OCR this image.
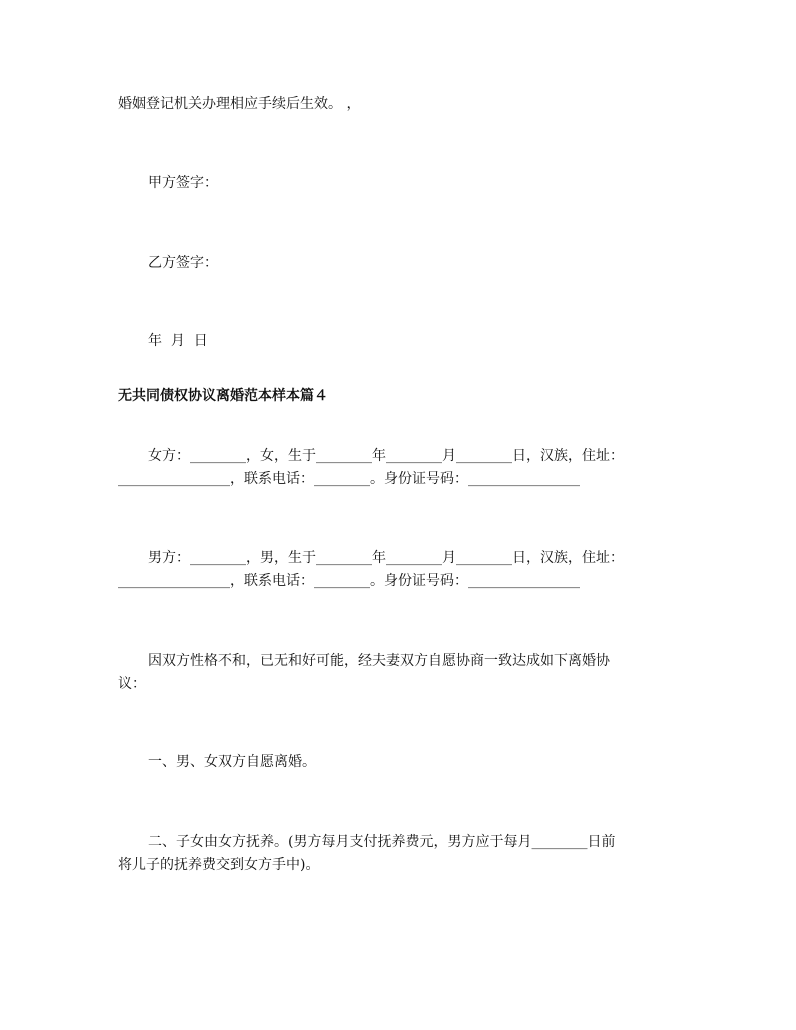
婚姻登记机关办理相应手续后生效。 ，

甲方签字：

乙方签字：

年  月  日

无共同债权协议离婚范本样本篇４

女方：________，女，生于________年________月________日，汉族，住址：

________________，联系电话：________。身份证号码：________________

男方：________，男，生于________年________月________日，汉族，住址：

________________，联系电话：________。身份证号码：________________

因双方性格不和，已无和好可能，经夫妻双方自愿协商一致达成如下离婚协

议：

一、男、女双方自愿离婚。

二、子女由女方抚养。(男方每月支付抚养费元，男方应于每月________日前

将儿子的抚养费交到女方手中)。
